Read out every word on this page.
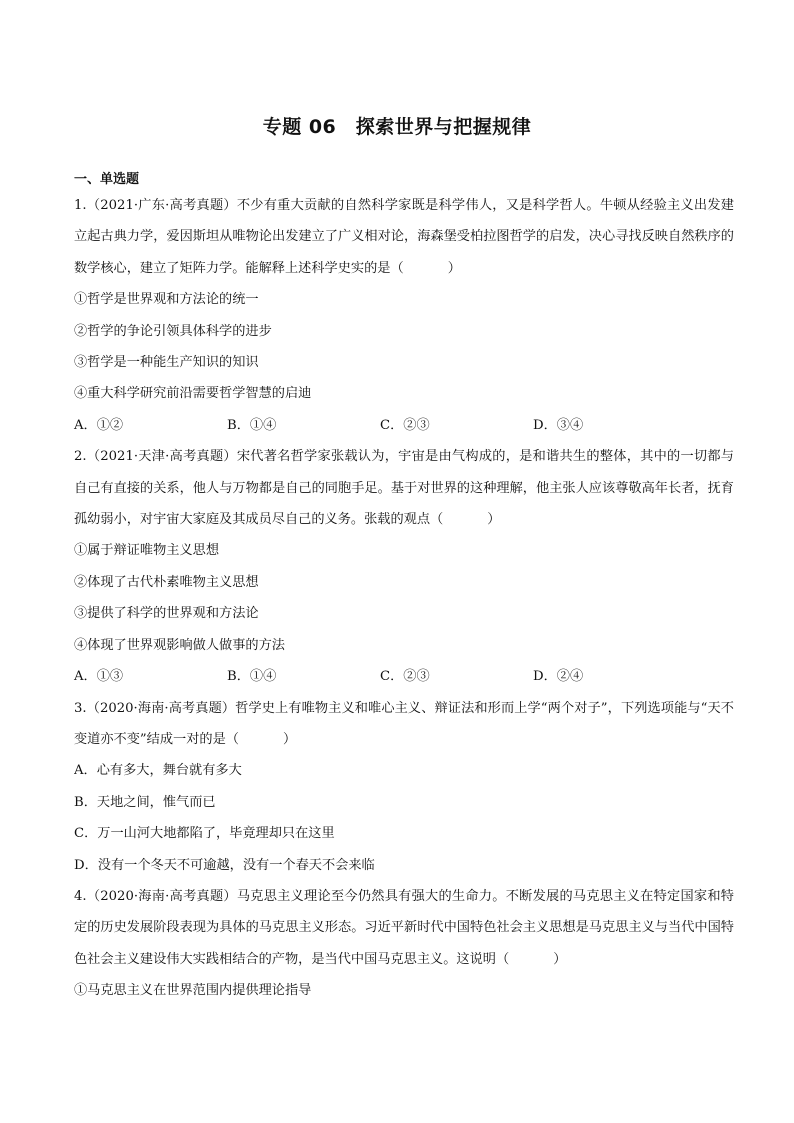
专题 06　探索世界与把握规律
一、单选题
1.（2021·广东·高考真题）不少有重大贡献的自然科学家既是科学伟人，又是科学哲人。牛顿从经验主义出发建立起古典力学，爱因斯坦从唯物论出发建立了广义相对论，海森堡受柏拉图哲学的启发，决心寻找反映自然秩序的数学核心，建立了矩阵力学。能解释上述科学史实的是（	）
①哲学是世界观和方法论的统一
②哲学的争论引领具体科学的进步
③哲学是一种能生产知识的知识
④重大科学研究前沿需要哲学智慧的启迪
A．①②	B．①④	C．②③	D．③④
2.（2021·天津·高考真题）宋代著名哲学家张载认为，宇宙是由气构成的，是和谐共生的整体，其中的一切都与自己有直接的关系，他人与万物都是自己的同胞手足。基于对世界的这种理解，他主张人应该尊敬高年长者，抚育孤幼弱小，对宇宙大家庭及其成员尽自己的义务。张载的观点（	）
①属于辩证唯物主义思想
②体现了古代朴素唯物主义思想
③提供了科学的世界观和方法论
④体现了世界观影响做人做事的方法
A．①③	B．①④	C．②③	D．②④
3.（2020·海南·高考真题）哲学史上有唯物主义和唯心主义、辩证法和形而上学“两个对子”，下列选项能与“天不变道亦不变”结成一对的是（	）
A．心有多大，舞台就有多大
B．天地之间，惟气而已
C．万一山河大地都陷了，毕竟理却只在这里
D．没有一个冬天不可逾越，没有一个春天不会来临
4.（2020·海南·高考真题）马克思主义理论至今仍然具有强大的生命力。不断发展的马克思主义在特定国家和特定的历史发展阶段表现为具体的马克思主义形态。习近平新时代中国特色社会主义思想是马克思主义与当代中国特色社会主义建设伟大实践相结合的产物，是当代中国马克思主义。这说明（	）
①马克思主义在世界范围内提供理论指导
